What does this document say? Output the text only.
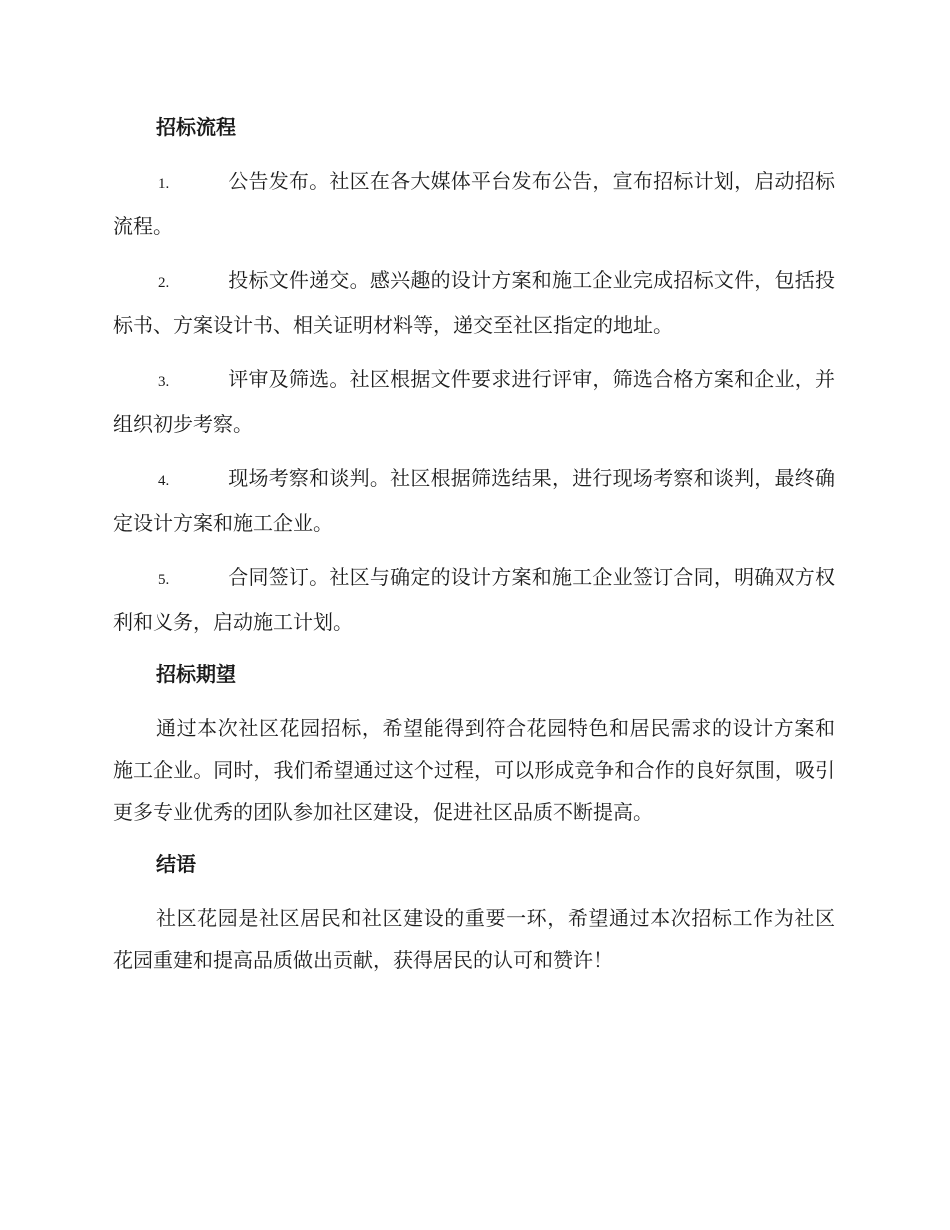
招标流程
1.	公告发布。社区在各大媒体平台发布公告，宣布招标计划，启动招标流程。
2.	投标文件递交。感兴趣的设计方案和施工企业完成招标文件，包括投标书、方案设计书、相关证明材料等，递交至社区指定的地址。
3.	评审及筛选。社区根据文件要求进行评审，筛选合格方案和企业，并组织初步考察。
4.	现场考察和谈判。社区根据筛选结果，进行现场考察和谈判，最终确定设计方案和施工企业。
5.	合同签订。社区与确定的设计方案和施工企业签订合同，明确双方权利和义务，启动施工计划。
招标期望
通过本次社区花园招标，希望能得到符合花园特色和居民需求的设计方案和施工企业。同时，我们希望通过这个过程，可以形成竞争和合作的良好氛围，吸引更多专业优秀的团队参加社区建设，促进社区品质不断提高。
结语
社区花园是社区居民和社区建设的重要一环，希望通过本次招标工作为社区花园重建和提高品质做出贡献，获得居民的认可和赞许！
